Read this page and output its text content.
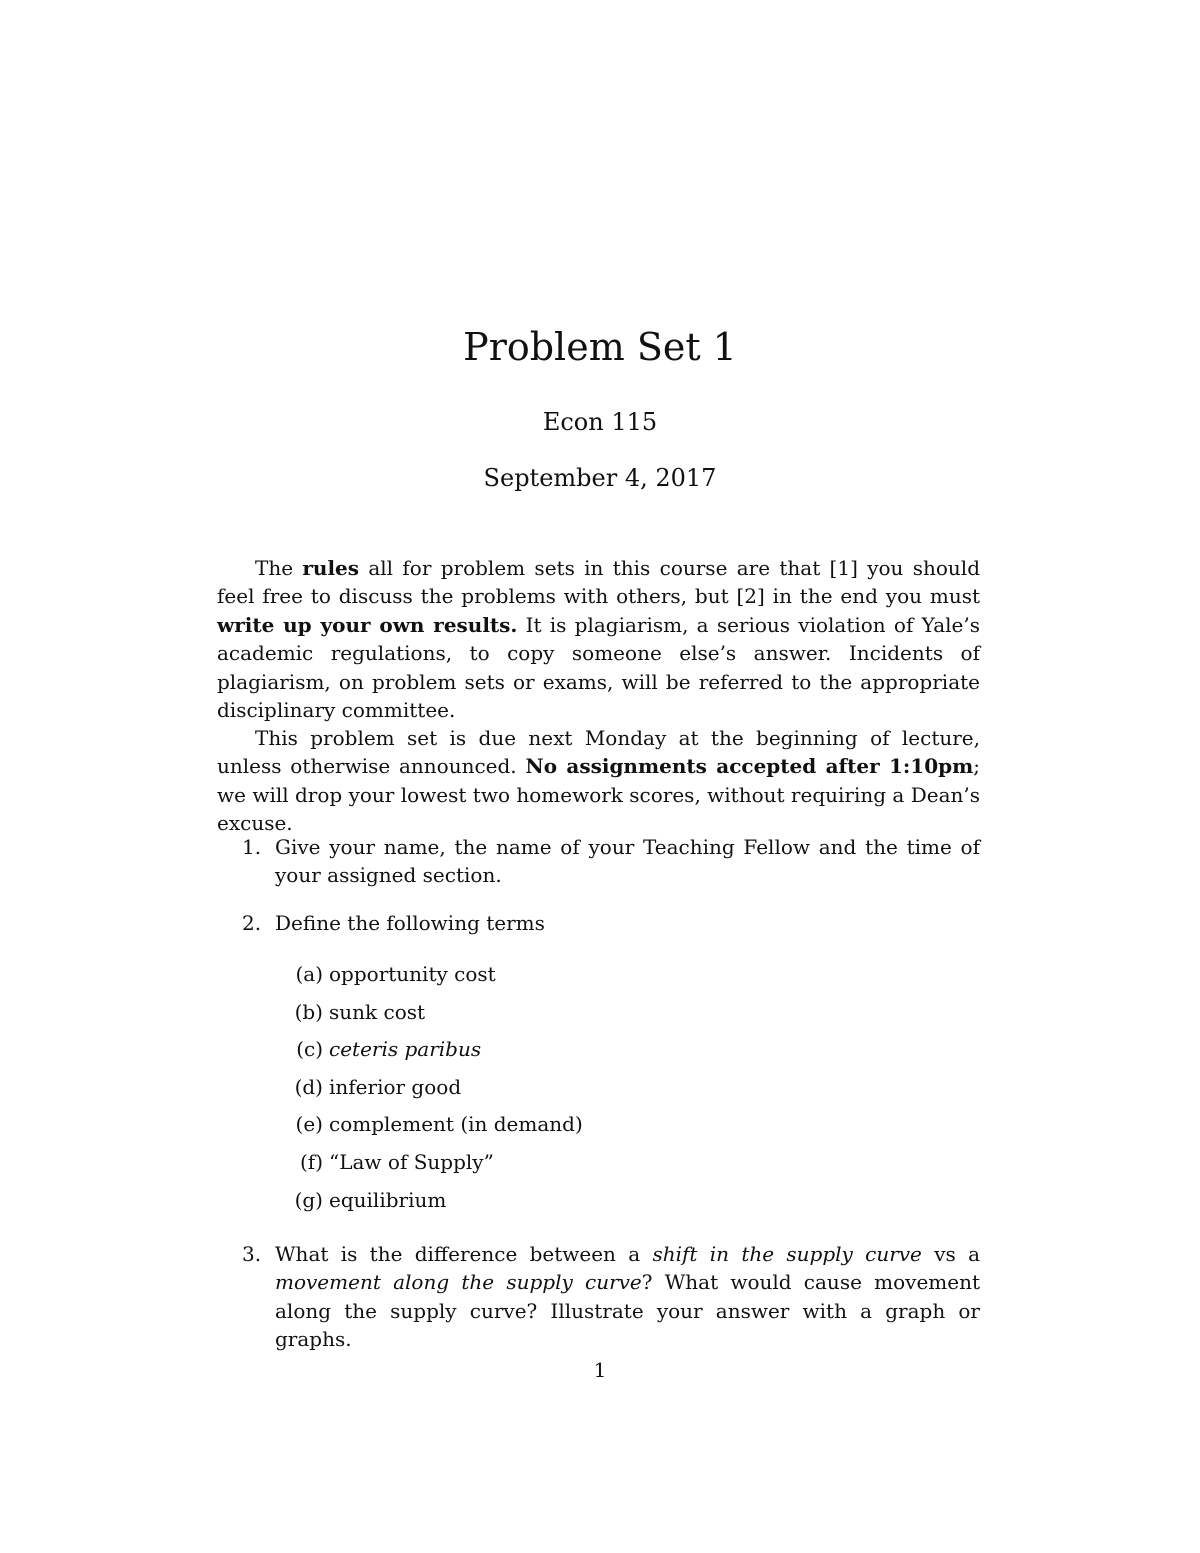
Problem Set 1
Econ 115
September 4, 2017

The rules all for problem sets in this course are that [1] you should feel free to discuss the problems with others, but [2] in the end you must write up your own results. It is plagiarism, a serious violation of Yale’s academic regulations, to copy someone else’s answer. Incidents of plagiarism, on problem sets or exams, will be referred to the appropriate disciplinary committee.

This problem set is due next Monday at the beginning of lecture, unless otherwise announced. No assignments accepted after 1:10pm; we will drop your lowest two homework scores, without requiring a Dean’s excuse.

1. Give your name, the name of your Teaching Fellow and the time of your assigned section.
2. Define the following terms
(a) opportunity cost
(b) sunk cost
(c) ceteris paribus
(d) inferior good
(e) complement (in demand)
(f) “Law of Supply”
(g) equilibrium
3. What is the difference between a shift in the supply curve vs a movement along the supply curve? What would cause movement along the supply curve? Illustrate your answer with a graph or graphs.
1
